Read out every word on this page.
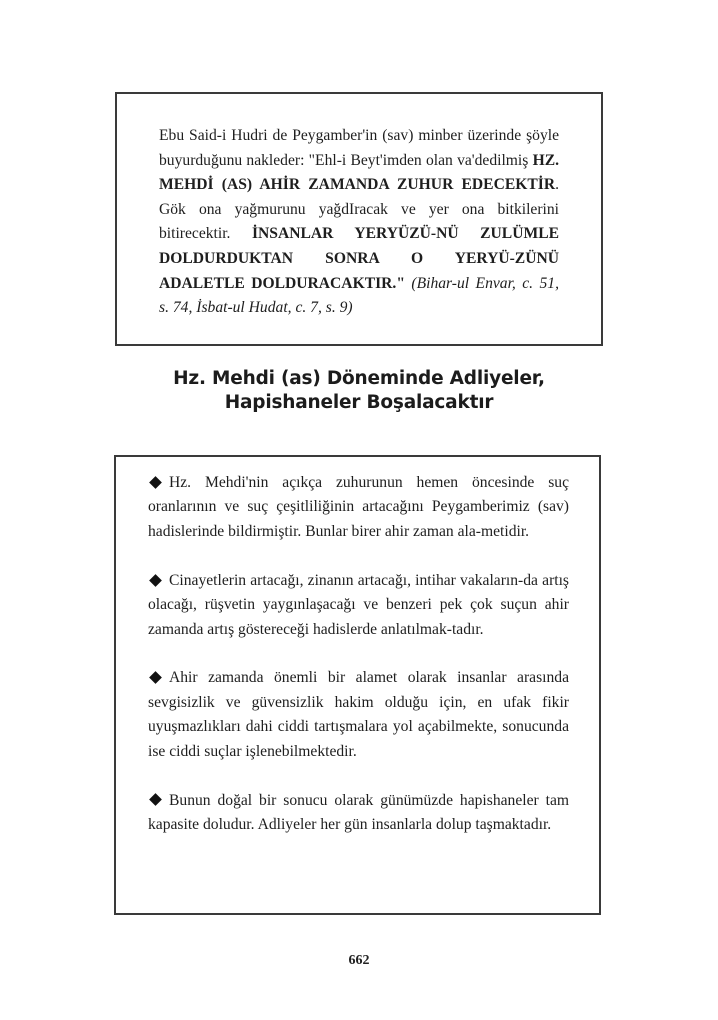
Ebu Said-i Hudri de Peygamber'in (sav) minber üzerinde şöyle buyurduğunu nakleder: "Ehl-i Beyt'imden olan va'dedilmiş HZ. MEHDİ (AS) AHİR ZAMANDA ZUHUR EDECEKTİR. Gök ona yağmurunu yağdIracak ve yer ona bitkilerini bitirecektir. İNSANLAR YERYÜZÜ-NÜ ZULÜMLE DOLDURDUKTAN SONRA O YERYÜ-ZÜNÜ ADALETLE DOLDURACAKTIR." (Bihar-ul Envar, c. 51, s. 74, İsbat-ul Hudat, c. 7, s. 9)

Hz. Mehdi (as) Döneminde Adliyeler,
Hapishaneler Boşalacaktır

Hz. Mehdi'nin açıkça zuhurunun hemen öncesinde suç oranlarının ve suç çeşitliliğinin artacağını Peygamberimiz (sav) hadislerinde bildirmiştir. Bunlar birer ahir zaman ala-metidir.

Cinayetlerin artacağı, zinanın artacağı, intihar vakaların-da artış olacağı, rüşvetin yaygınlaşacağı ve benzeri pek çok suçun ahir zamanda artış göstereceği hadislerde anlatılmak-tadır.

Ahir zamanda önemli bir alamet olarak insanlar arasında sevgisizlik ve güvensizlik hakim olduğu için, en ufak fikir uyuşmazlıkları dahi ciddi tartışmalara yol açabilmekte, sonucunda ise ciddi suçlar işlenebilmektedir.

Bunun doğal bir sonucu olarak günümüzde hapishaneler tam kapasite doludur. Adliyeler her gün insanlarla dolup taşmaktadır.

662
